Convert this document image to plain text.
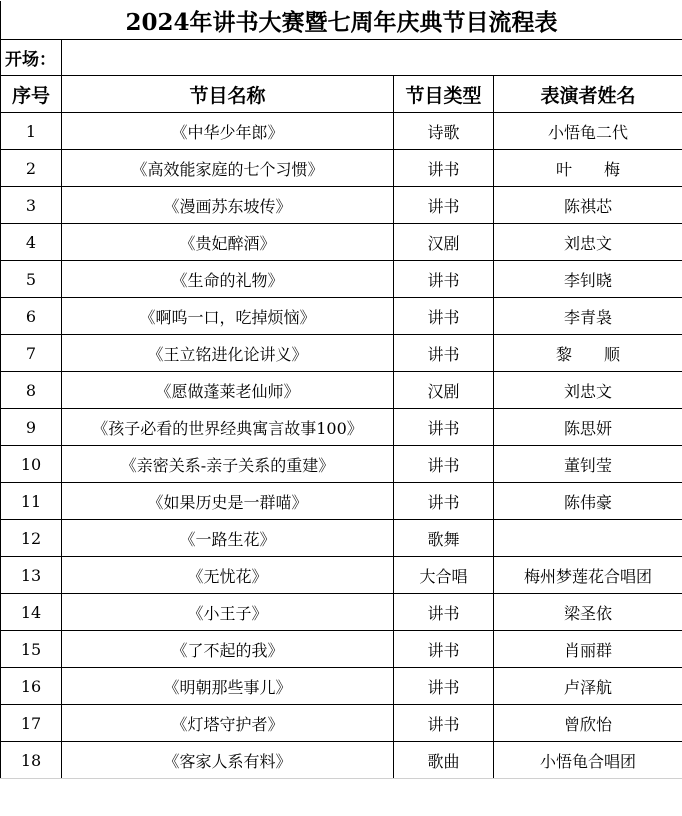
2024年讲书大赛暨七周年庆典节目流程表			
开场：			
序号	节目名称	节目类型	表演者姓名
1	《中华少年郎》	诗歌	小悟龟二代
2	《高效能家庭的七个习惯》	讲书	叶　　梅
3	《漫画苏东坡传》	讲书	陈祺芯
4	《贵妃醉酒》	汉剧	刘忠文
5	《生命的礼物》	讲书	李钊晓
6	《啊呜一口，吃掉烦恼》	讲书	李青袅
7	《王立铭进化论讲义》	讲书	黎　　顺
8	《愿做蓬莱老仙师》	汉剧	刘忠文
9	《孩子必看的世界经典寓言故事100》	讲书	陈思妍
10	《亲密关系-亲子关系的重建》	讲书	董钊莹
11	《如果历史是一群喵》	讲书	陈伟豪
12	《一路生花》	歌舞	
13	《无忧花》	大合唱	梅州梦莲花合唱团
14	《小王子》	讲书	梁圣依
15	《了不起的我》	讲书	肖丽群
16	《明朝那些事儿》	讲书	卢泽航
17	《灯塔守护者》	讲书	曾欣怡
18	《客家人系有料》	歌曲	小悟龟合唱团
